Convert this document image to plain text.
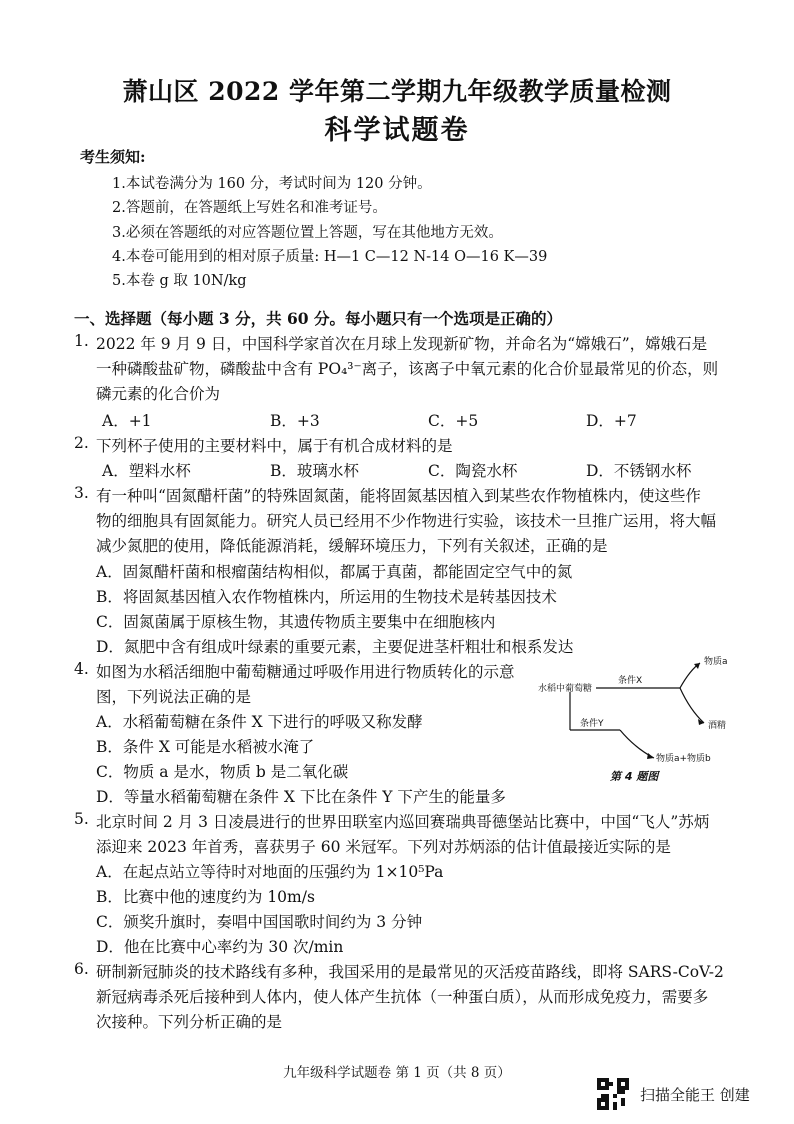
萧山区 2022 学年第二学期九年级教学质量检测
科学试题卷
考生须知:
1.本试卷满分为 160 分，考试时间为 120 分钟。
2.答题前，在答题纸上写姓名和准考证号。
3.必须在答题纸的对应答题位置上答题，写在其他地方无效。
4.本卷可能用到的相对原子质量: H—1 C—12 N-14 O—16 K—39
5.本卷 g 取 10N/kg
一、选择题（每小题 3 分，共 60 分。每小题只有一个选项是正确的）
1. 2022 年 9 月 9 日，中国科学家首次在月球上发现新矿物，并命名为“嫦娥石”，嫦娥石是
一种磷酸盐矿物，磷酸盐中含有 PO₄³⁻离子，该离子中氧元素的化合价显最常见的价态，则
磷元素的化合价为
A．+1	B．+3	C．+5	D．+7
2. 下列杯子使用的主要材料中，属于有机合成材料的是
A．塑料水杯	B．玻璃水杯	C．陶瓷水杯	D．不锈钢水杯
3. 有一种叫“固氮醋杆菌”的特殊固氮菌，能将固氮基因植入到某些农作物植株内，使这些作
物的细胞具有固氮能力。研究人员已经用不少作物进行实验，该技术一旦推广运用，将大幅
减少氮肥的使用，降低能源消耗，缓解环境压力，下列有关叙述，正确的是
A．固氮醋杆菌和根瘤菌结构相似，都属于真菌，都能固定空气中的氮
B．将固氮基因植入农作物植株内，所运用的生物技术是转基因技术
C．固氮菌属于原核生物，其遗传物质主要集中在细胞核内
D．氮肥中含有组成叶绿素的重要元素，主要促进茎杆粗壮和根系发达
4. 如图为水稻活细胞中葡萄糖通过呼吸作用进行物质转化的示意
图，下列说法正确的是
A．水稻葡萄糖在条件 X 下进行的呼吸又称发酵
B．条件 X 可能是水稻被水淹了
C．物质 a 是水，物质 b 是二氧化碳
D．等量水稻葡萄糖在条件 X 下比在条件 Y 下产生的能量多
水稻中葡萄糖
条件X
物质a
酒精
条件Y
物质a+物质b
第 4 题图
5. 北京时间 2 月 3 日凌晨进行的世界田联室内巡回赛瑞典哥德堡站比赛中，中国“飞人”苏炳
添迎来 2023 年首秀，喜获男子 60 米冠军。下列对苏炳添的估计值最接近实际的是
A．在起点站立等待时对地面的压强约为 1×10⁵Pa
B．比赛中他的速度约为 10m/s
C．颁奖升旗时，奏唱中国国歌时间约为 3 分钟
D．他在比赛中心率约为 30 次/min
6. 研制新冠肺炎的技术路线有多种，我国采用的是最常见的灭活疫苗路线，即将 SARS-CoV-2
新冠病毒杀死后接种到人体内，使人体产生抗体（一种蛋白质），从而形成免疫力，需要多
次接种。下列分析正确的是
九年级科学试题卷 第 1 页（共 8 页）
扫描全能王 创建
